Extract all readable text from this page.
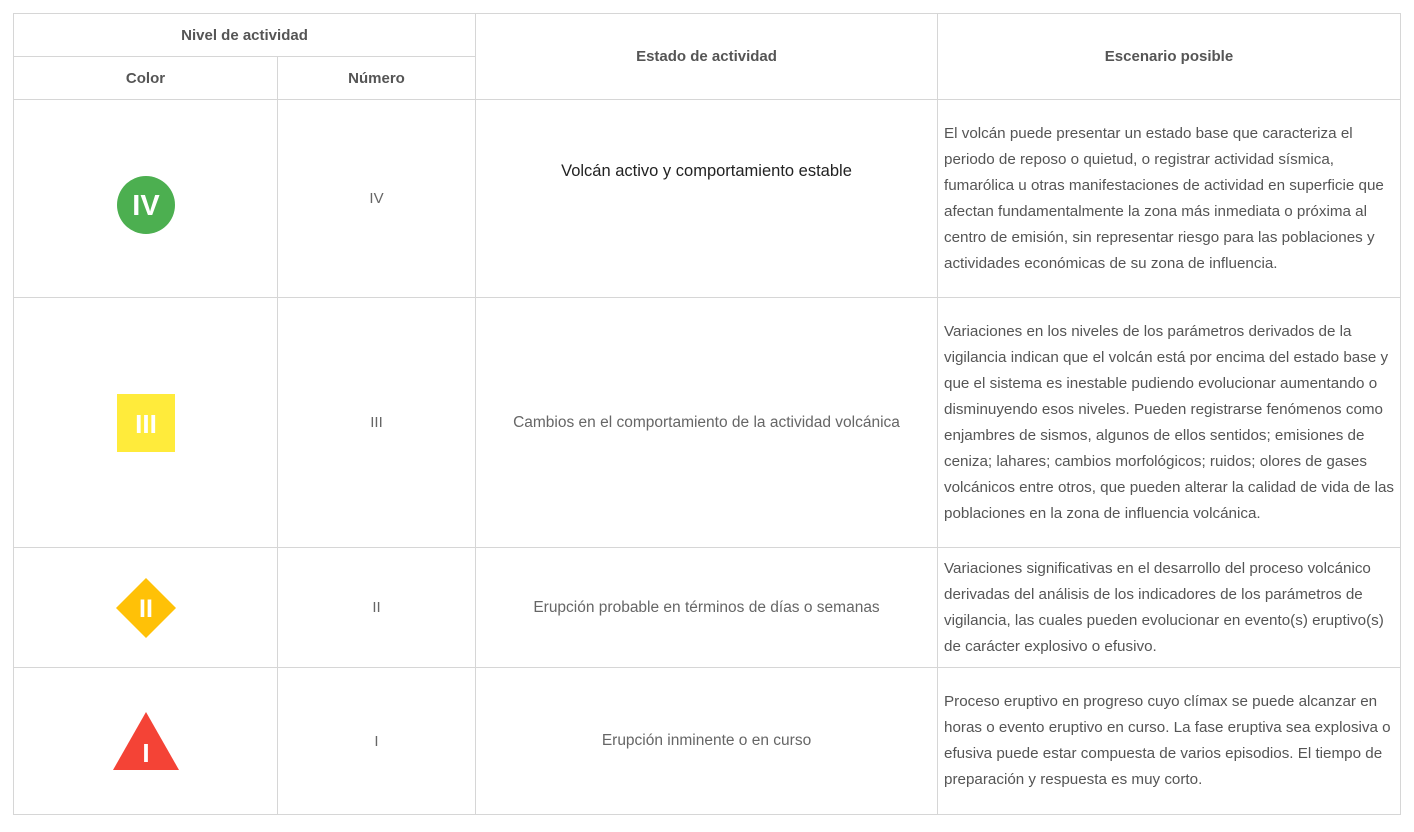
Nivel de actividad		Estado de actividad	Escenario posible
Color	Número		

IV	IV	Volcán activo y comportamiento estable	El volcán puede presentar un estado base que caracteriza el periodo de reposo o quietud, o registrar actividad sísmica, fumarólica u otras manifestaciones de actividad en superficie que afectan fundamentalmente la zona más inmediata o próxima al centro de emisión, sin representar riesgo para las poblaciones y actividades económicas de su zona de influencia.

III	III	Cambios en el comportamiento de la actividad volcánica	Variaciones en los niveles de los parámetros derivados de la vigilancia indican que el volcán está por encima del estado base y que el sistema es inestable pudiendo evolucionar aumentando o disminuyendo esos niveles. Pueden registrarse fenómenos como enjambres de sismos, algunos de ellos sentidos; emisiones de ceniza; lahares; cambios morfológicos; ruidos; olores de gases volcánicos entre otros, que pueden alterar la calidad de vida de las poblaciones en la zona de influencia volcánica.

II	II	Erupción probable en términos de días o semanas	Variaciones significativas en el desarrollo del proceso volcánico derivadas del análisis de los indicadores de los parámetros de vigilancia, las cuales pueden evolucionar en evento(s) eruptivo(s) de carácter explosivo o efusivo.

I	I	Erupción inminente o en curso	Proceso eruptivo en progreso cuyo clímax se puede alcanzar en horas o evento eruptivo en curso. La fase eruptiva sea explosiva o efusiva puede estar compuesta de varios episodios. El tiempo de preparación y respuesta es muy corto.
